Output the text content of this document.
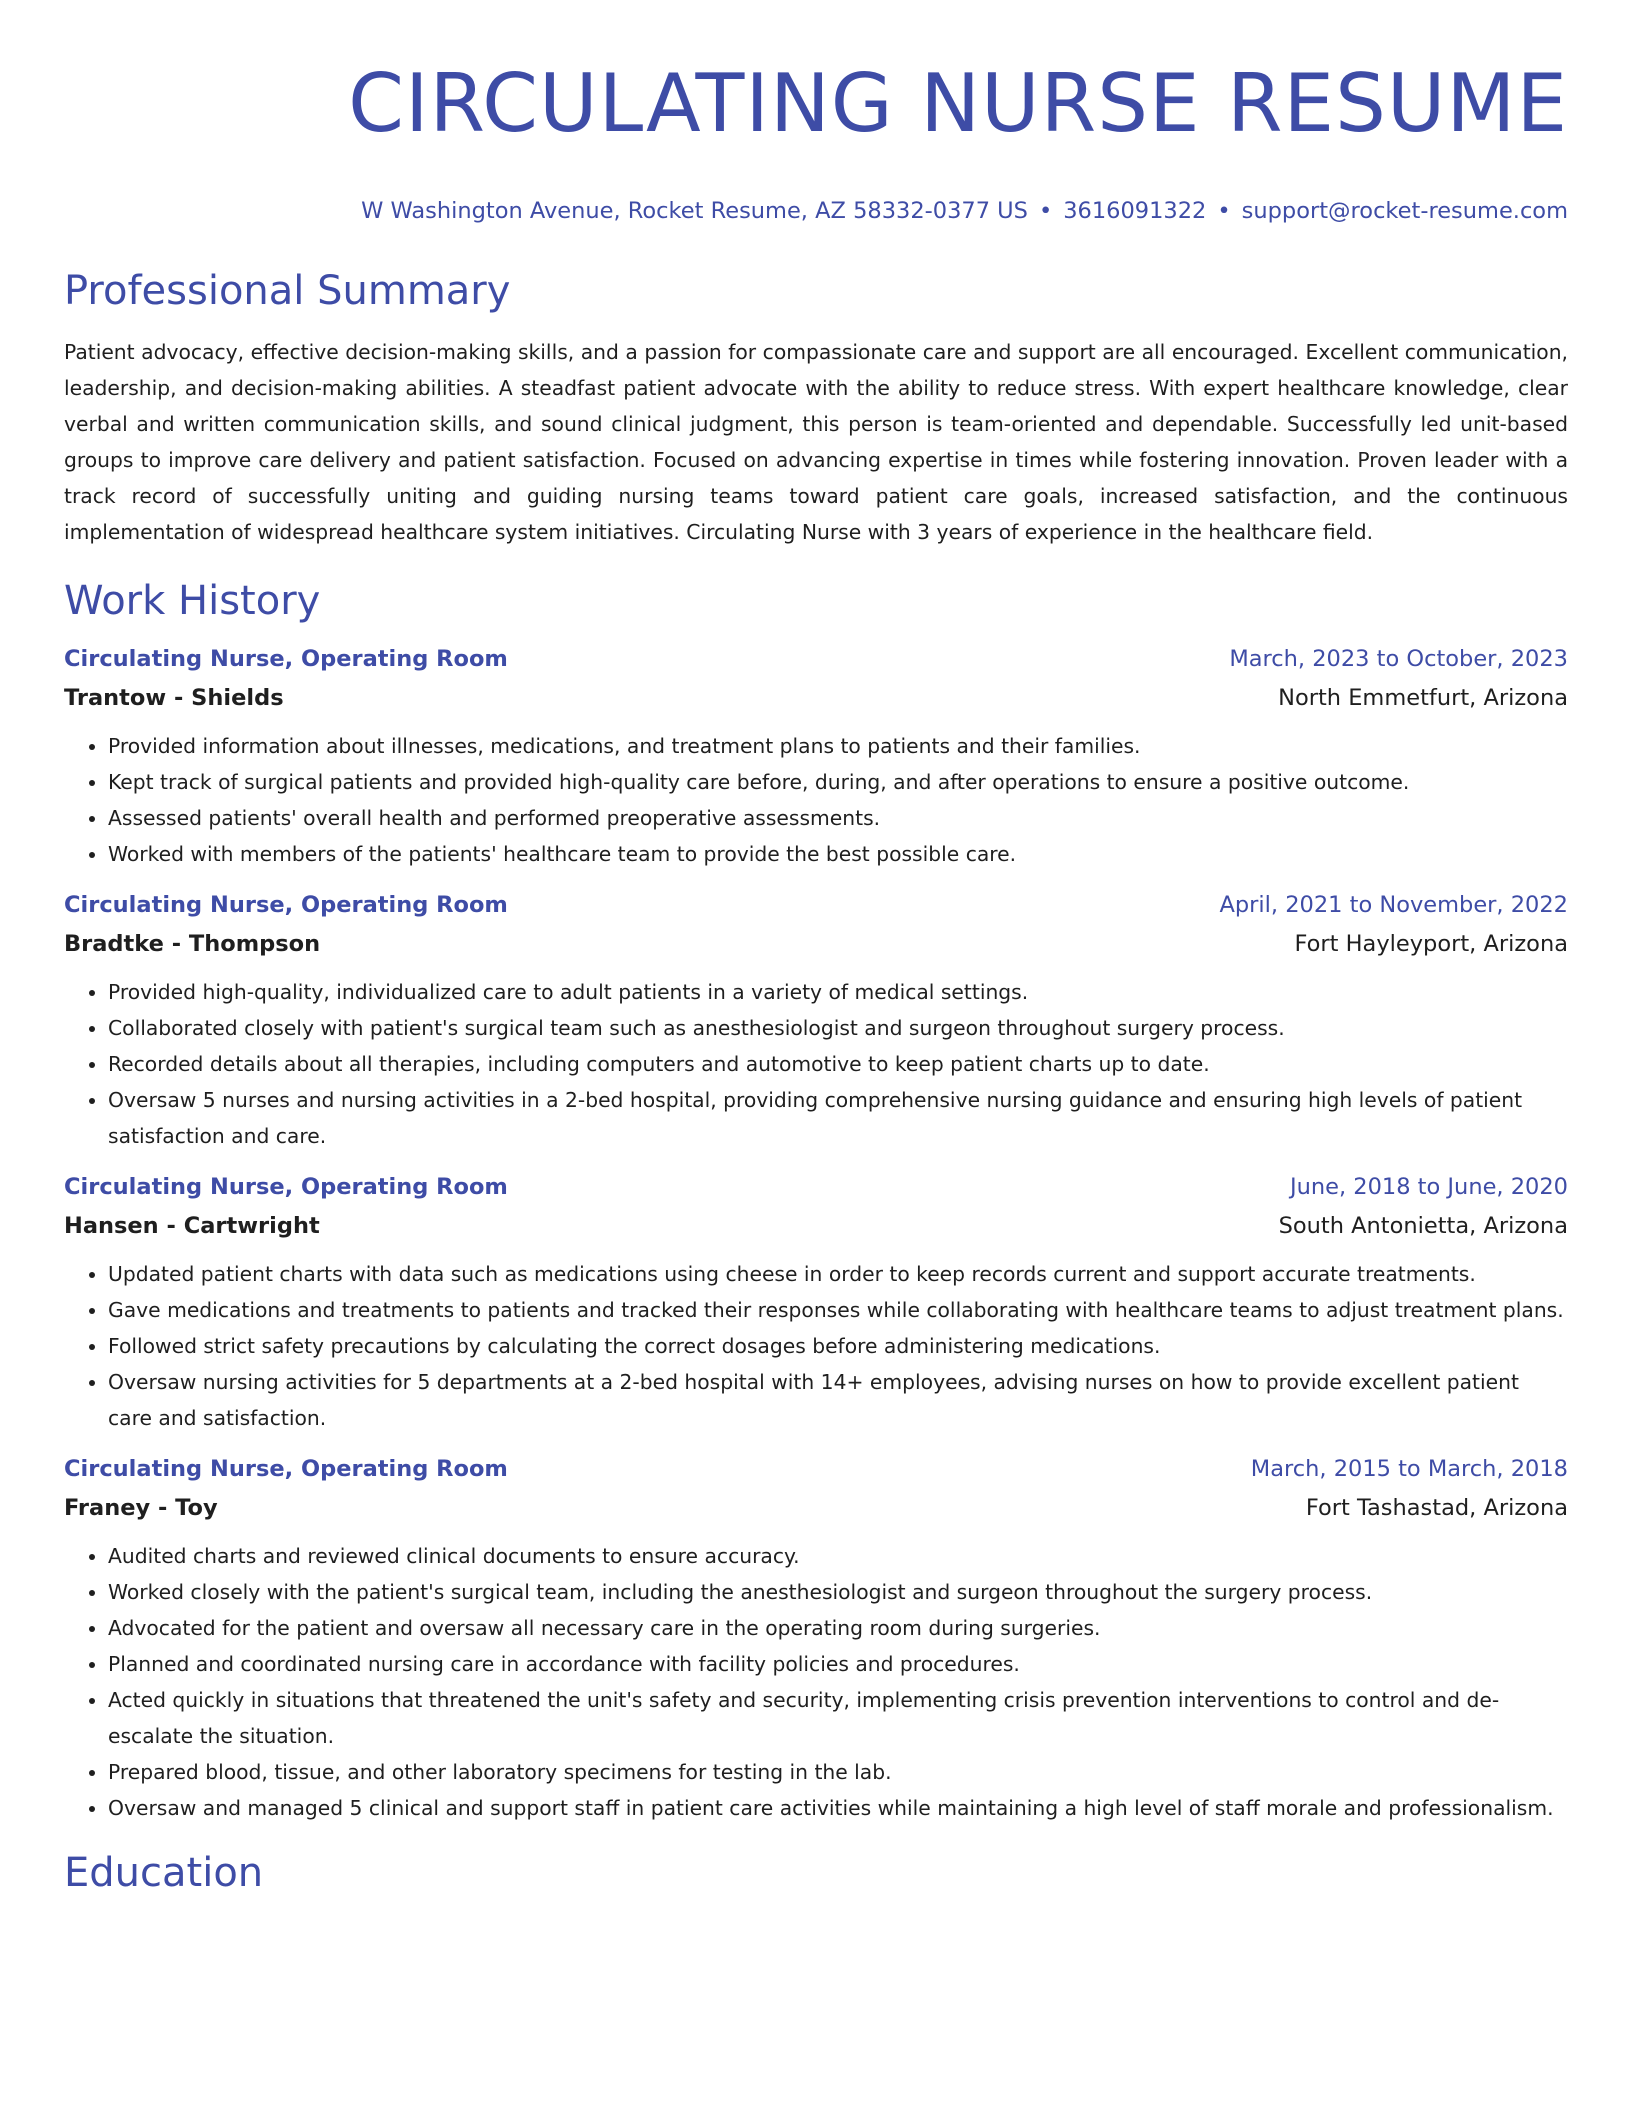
CIRCULATING NURSE RESUME
W Washington Avenue, Rocket Resume, AZ 58332-0377 US • 3616091322 • support@rocket-resume.com
Professional Summary

Patient advocacy, effective decision-making skills, and a passion for compassionate care and support are all encouraged. Excellent communication, leadership, and decision-making abilities. A steadfast patient advocate with the ability to reduce stress. With expert healthcare knowledge, clear verbal and written communication skills, and sound clinical judgment, this person is team-oriented and dependable. Successfully led unit-based groups to improve care delivery and patient satisfaction. Focused on advancing expertise in times while fostering innovation. Proven leader with a track record of successfully uniting and guiding nursing teams toward patient care goals, increased satisfaction, and the continuous implementation of widespread healthcare system initiatives. Circulating Nurse with 3 years of experience in the healthcare field.

Work History
Circulating Nurse, Operating Room	March, 2023 to October, 2023
Trantow - Shields	North Emmetfurt, Arizona
• Provided information about illnesses, medications, and treatment plans to patients and their families.
• Kept track of surgical patients and provided high-quality care before, during, and after operations to ensure a positive outcome.
• Assessed patients' overall health and performed preoperative assessments.
• Worked with members of the patients' healthcare team to provide the best possible care.
Circulating Nurse, Operating Room	April, 2021 to November, 2022
Bradtke - Thompson	Fort Hayleyport, Arizona
• Provided high-quality, individualized care to adult patients in a variety of medical settings.
• Collaborated closely with patient's surgical team such as anesthesiologist and surgeon throughout surgery process.
• Recorded details about all therapies, including computers and automotive to keep patient charts up to date.
• Oversaw 5 nurses and nursing activities in a 2-bed hospital, providing comprehensive nursing guidance and ensuring high levels of patient satisfaction and care.
Circulating Nurse, Operating Room	June, 2018 to June, 2020
Hansen - Cartwright	South Antonietta, Arizona
• Updated patient charts with data such as medications using cheese in order to keep records current and support accurate treatments.
• Gave medications and treatments to patients and tracked their responses while collaborating with healthcare teams to adjust treatment plans.
• Followed strict safety precautions by calculating the correct dosages before administering medications.
• Oversaw nursing activities for 5 departments at a 2-bed hospital with 14+ employees, advising nurses on how to provide excellent patient care and satisfaction.
Circulating Nurse, Operating Room	March, 2015 to March, 2018
Franey - Toy	Fort Tashastad, Arizona
• Audited charts and reviewed clinical documents to ensure accuracy.
• Worked closely with the patient's surgical team, including the anesthesiologist and surgeon throughout the surgery process.
• Advocated for the patient and oversaw all necessary care in the operating room during surgeries.
• Planned and coordinated nursing care in accordance with facility policies and procedures.
• Acted quickly in situations that threatened the unit's safety and security, implementing crisis prevention interventions to control and de-escalate the situation.
• Prepared blood, tissue, and other laboratory specimens for testing in the lab.
• Oversaw and managed 5 clinical and support staff in patient care activities while maintaining a high level of staff morale and professionalism.
Education
